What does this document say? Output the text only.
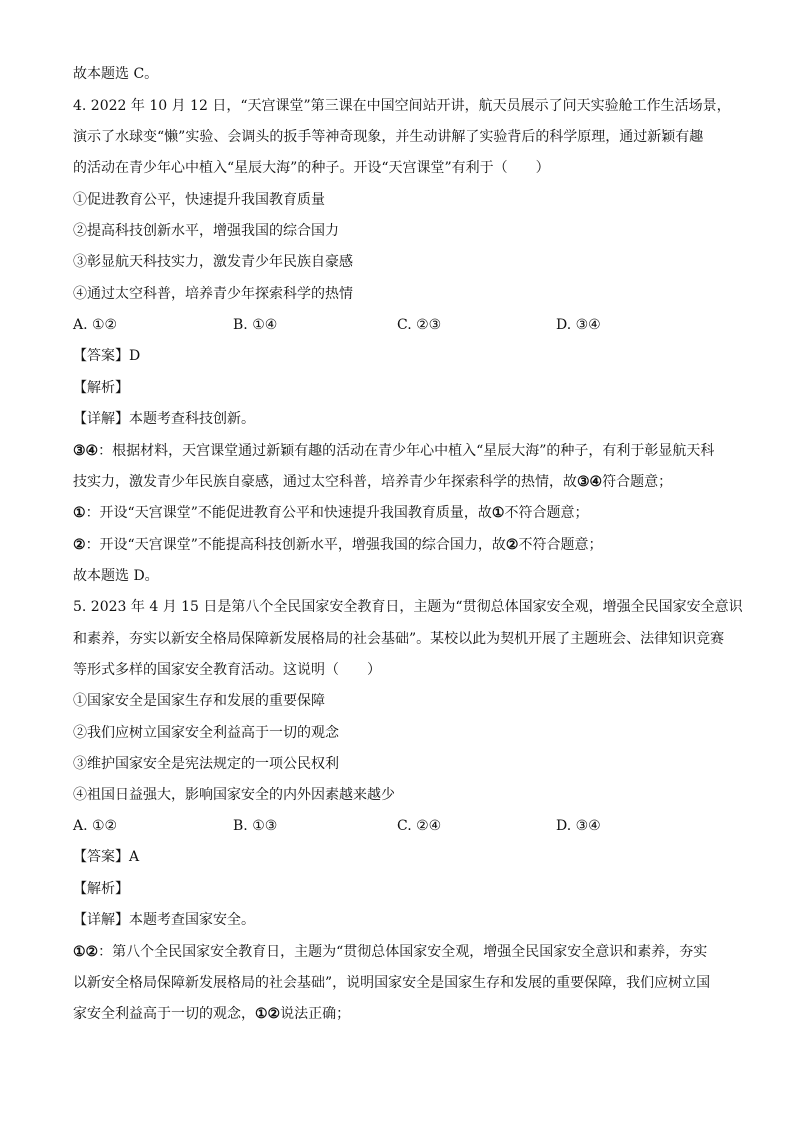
故本题选 C。
4. 2022 年 10 月 12 日，“天宫课堂”第三课在中国空间站开讲，航天员展示了问天实验舱工作生活场景，
演示了水球变“懒”实验、会调头的扳手等神奇现象，并生动讲解了实验背后的科学原理，通过新颖有趣
的活动在青少年心中植入“星辰大海”的种子。开设“天宫课堂”有利于（　　）
①促进教育公平，快速提升我国教育质量
②提高科技创新水平，增强我国的综合国力
③彰显航天科技实力，激发青少年民族自豪感
④通过太空科普，培养青少年探索科学的热情
A. ①②	B. ①④	C. ②③	D. ③④
【答案】D
【解析】
【详解】本题考查科技创新。
③④：根据材料，天宫课堂通过新颖有趣的活动在青少年心中植入“星辰大海”的种子，有利于彰显航天科
技实力，激发青少年民族自豪感，通过太空科普，培养青少年探索科学的热情，故③④符合题意；
①：开设“天宫课堂”不能促进教育公平和快速提升我国教育质量，故①不符合题意；
②：开设“天宫课堂”不能提高科技创新水平，增强我国的综合国力，故②不符合题意；
故本题选 D。
5. 2023 年 4 月 15 日是第八个全民国家安全教育日，主题为“贯彻总体国家安全观，增强全民国家安全意识
和素养，夯实以新安全格局保障新发展格局的社会基础”。某校以此为契机开展了主题班会、法律知识竞赛
等形式多样的国家安全教育活动。这说明（　　）
①国家安全是国家生存和发展的重要保障
②我们应树立国家安全利益高于一切的观念
③维护国家安全是宪法规定的一项公民权利
④祖国日益强大，影响国家安全的内外因素越来越少
A. ①②	B. ①③	C. ②④	D. ③④
【答案】A
【解析】
【详解】本题考查国家安全。
①②：第八个全民国家安全教育日，主题为“贯彻总体国家安全观，增强全民国家安全意识和素养，夯实
以新安全格局保障新发展格局的社会基础”，说明国家安全是国家生存和发展的重要保障，我们应树立国
家安全利益高于一切的观念，①②说法正确；
